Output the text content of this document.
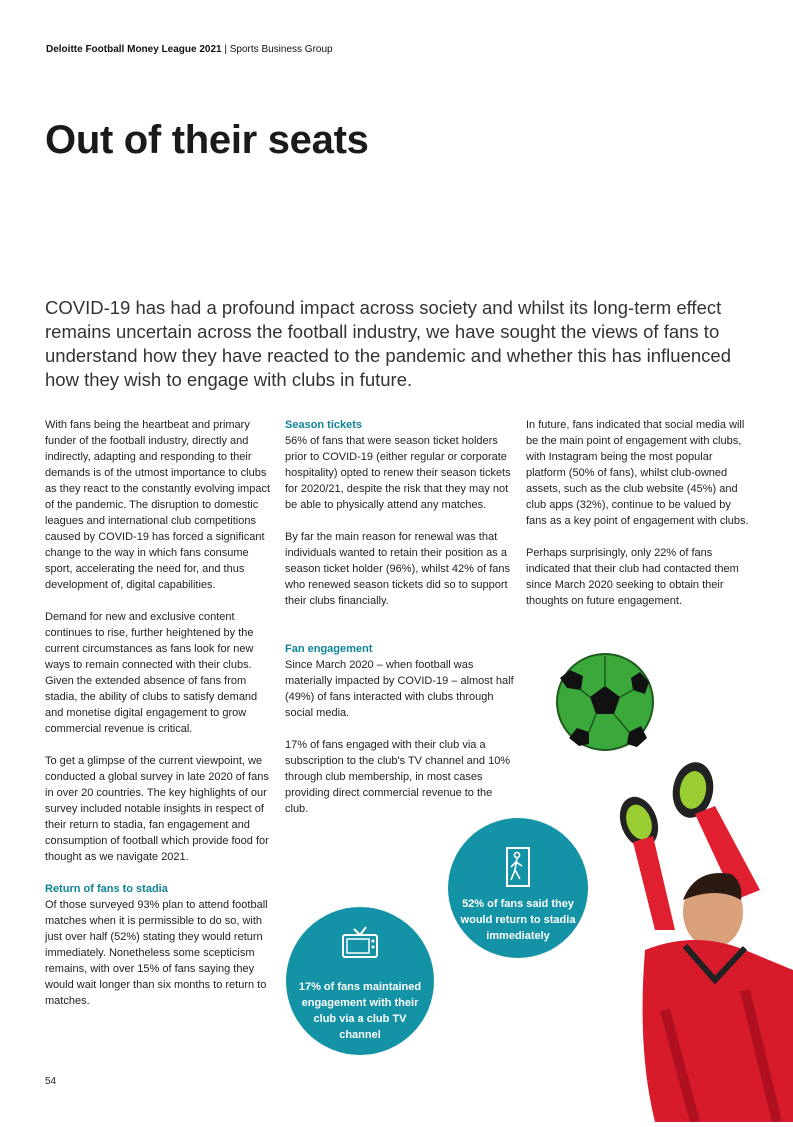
Deloitte Football Money League 2021 | Sports Business Group
Out of their seats

COVID-19 has had a profound impact across society and whilst its long-term effect remains uncertain across the football industry, we have sought the views of fans to understand how they have reacted to the pandemic and whether this has influenced how they wish to engage with clubs in future.

With fans being the heartbeat and primary funder of the football industry, directly and indirectly, adapting and responding to their demands is of the utmost importance to clubs as they react to the constantly evolving impact of the pandemic. The disruption to domestic leagues and international club competitions caused by COVID-19 has forced a significant change to the way in which fans consume sport, accelerating the need for, and thus development of, digital capabilities.

Demand for new and exclusive content continues to rise, further heightened by the current circumstances as fans look for new ways to remain connected with their clubs. Given the extended absence of fans from stadia, the ability of clubs to satisfy demand and monetise digital engagement to grow commercial revenue is critical.

To get a glimpse of the current viewpoint, we conducted a global survey in late 2020 of fans in over 20 countries. The key highlights of our survey included notable insights in respect of their return to stadia, fan engagement and consumption of football which provide food for thought as we navigate 2021.

Return of fans to stadia

Of those surveyed 93% plan to attend football matches when it is permissible to do so, with just over half (52%) stating they would return immediately. Nonetheless some scepticism remains, with over 15% of fans saying they would wait longer than six months to return to matches.

Season tickets

56% of fans that were season ticket holders prior to COVID-19 (either regular or corporate hospitality) opted to renew their season tickets for 2020/21, despite the risk that they may not be able to physically attend any matches.

By far the main reason for renewal was that individuals wanted to retain their position as a season ticket holder (96%), whilst 42% of fans who renewed season tickets did so to support their clubs financially.

Fan engagement

Since March 2020 – when football was materially impacted by COVID-19 – almost half (49%) of fans interacted with clubs through social media.

17% of fans engaged with their club via a subscription to the club's TV channel and 10% through club membership, in most cases providing direct commercial revenue to the club.

In future, fans indicated that social media will be the main point of engagement with clubs, with Instagram being the most popular platform (50% of fans), whilst club-owned assets, such as the club website (45%) and club apps (32%), continue to be valued by fans as a key point of engagement with clubs.

Perhaps surprisingly, only 22% of fans indicated that their club had contacted them since March 2020 seeking to obtain their thoughts on future engagement.

17% of fans maintained engagement with their club via a club TV channel
52% of fans said they would return to stadia immediately
54
